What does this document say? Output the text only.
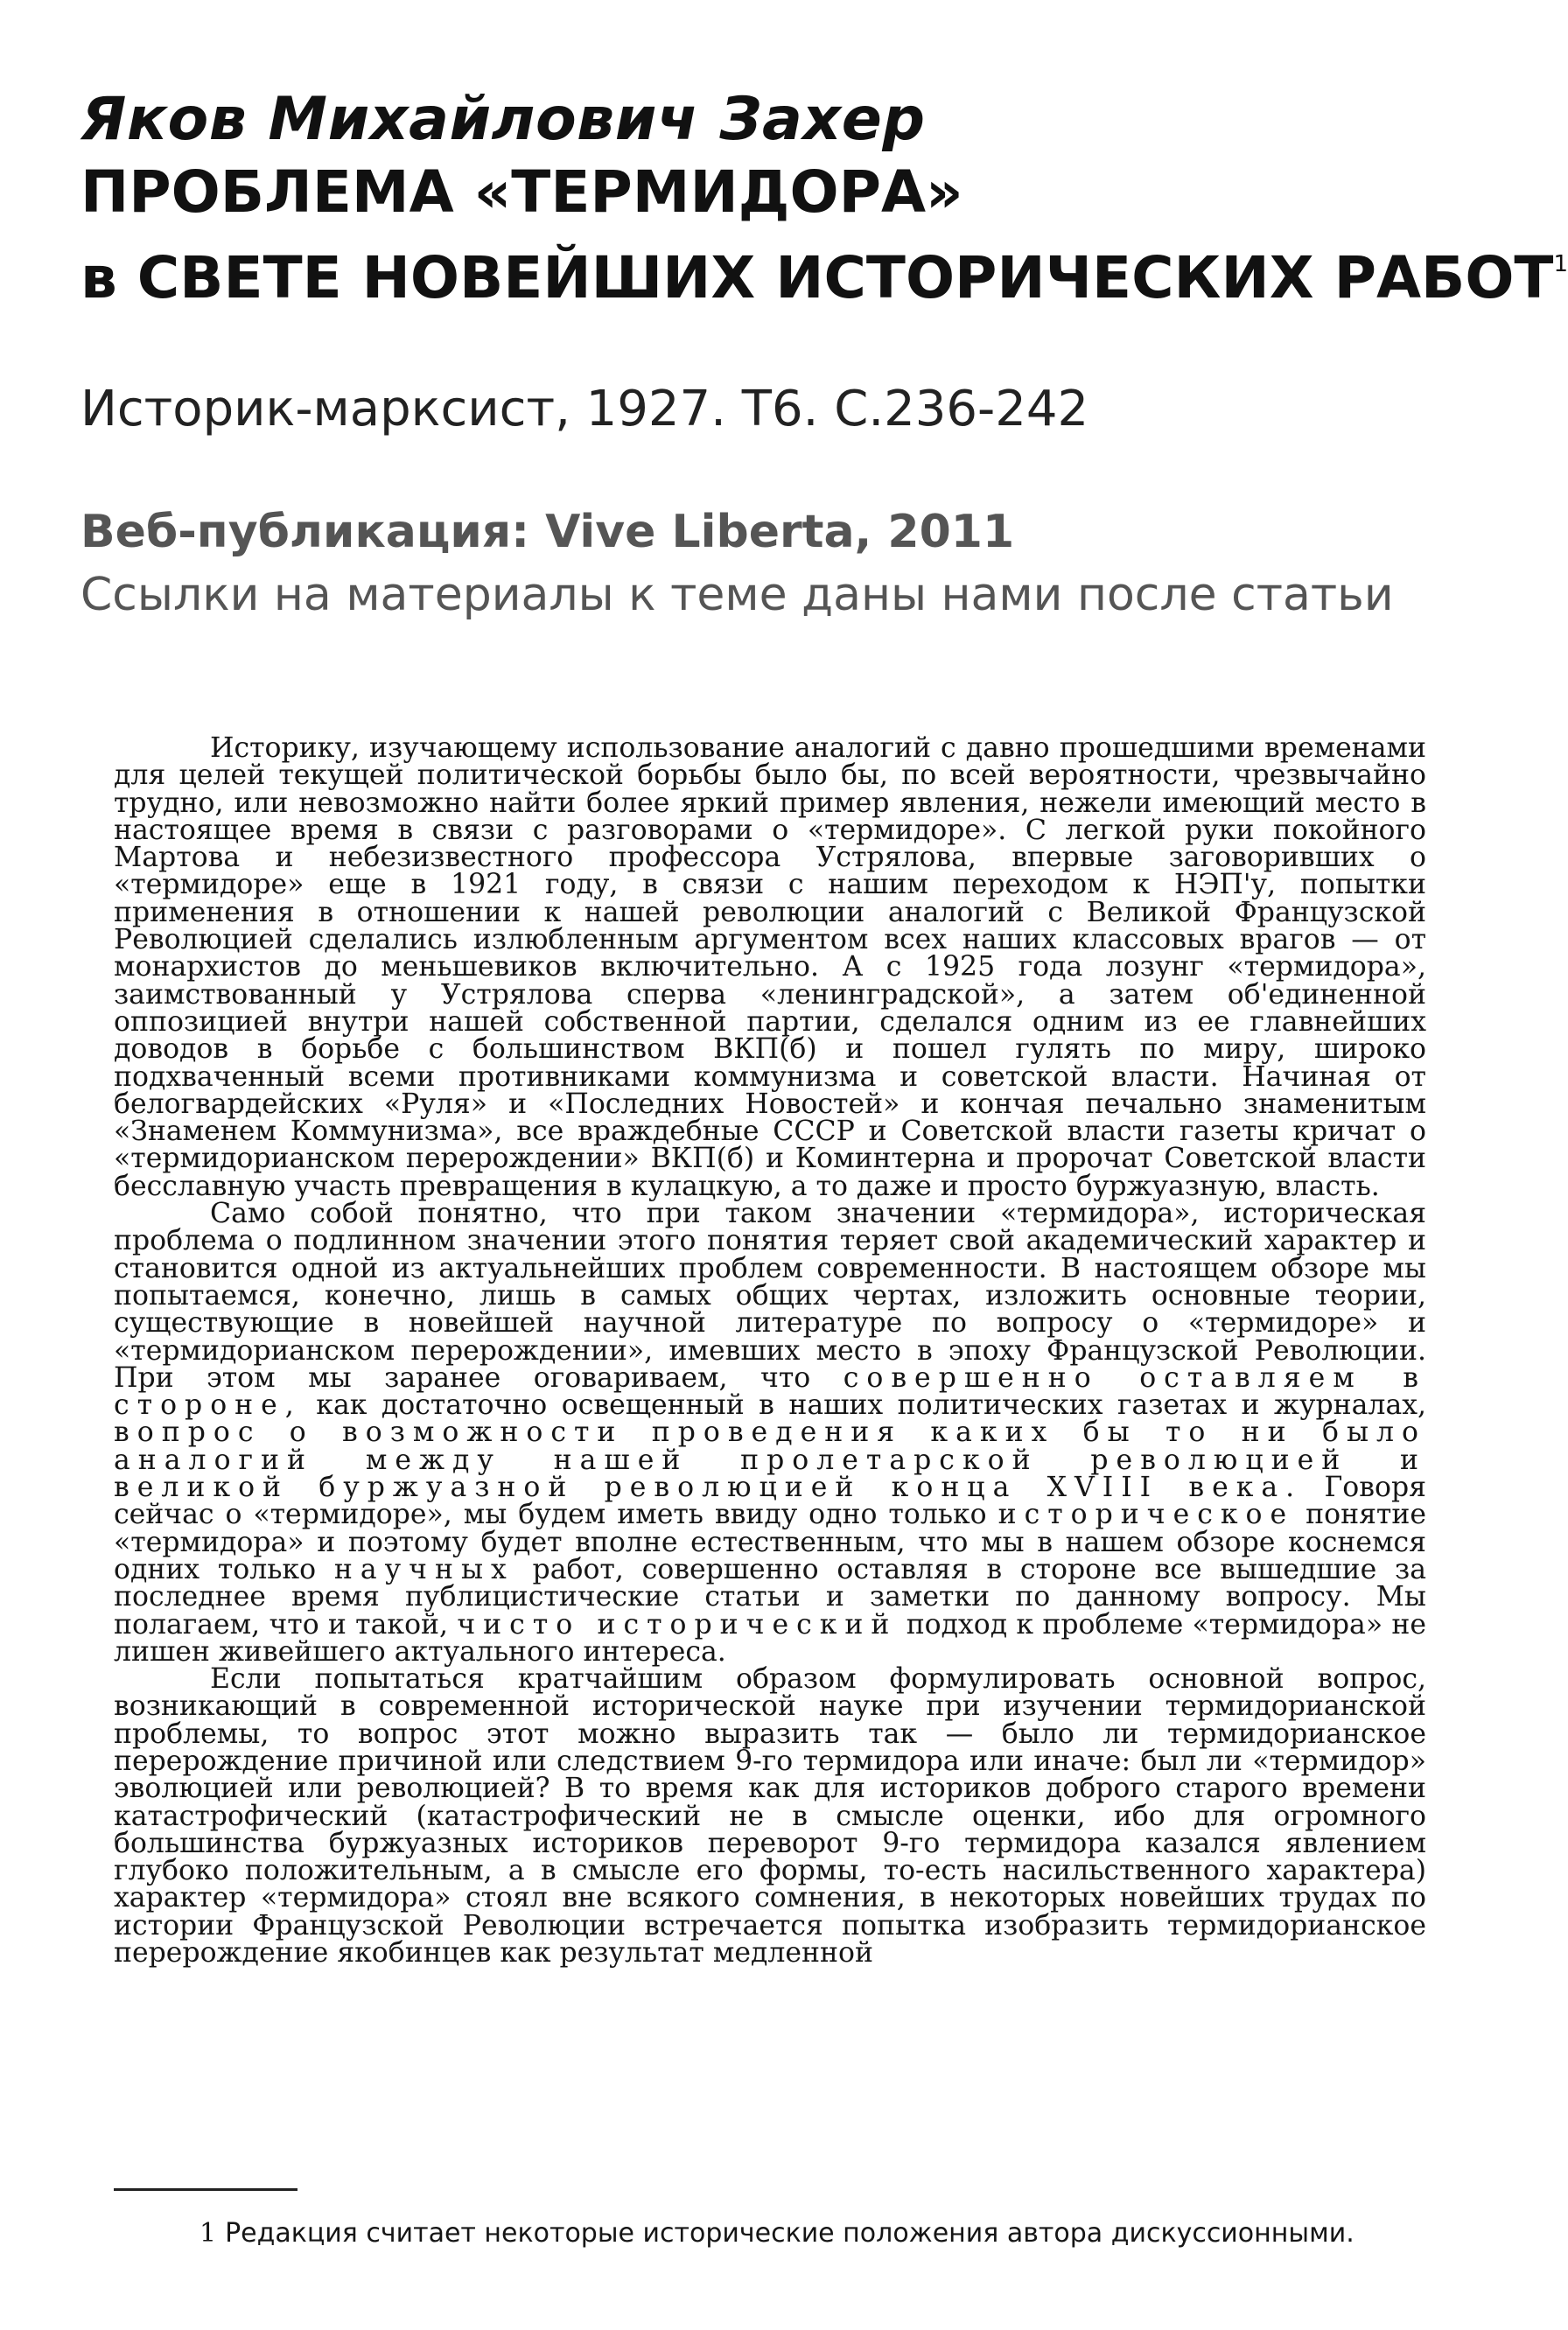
Яков Михайлович Захер

ПРОБЛЕМА «ТЕРМИДОРА»

в СВЕТЕ НОВЕЙШИХ ИСТОРИЧЕСКИХ РАБОТ$^1$

Историк-марксист, 1927. Т6. С.236-242

Веб-публикация: Vive Liberta, 2011

Ссылки на материалы к теме даны нами после статьи

Историку, изучающему использование аналогий с давно прошедшими временами для целей текущей политической борьбы было бы, по всей вероятности, чрезвычайно трудно, или невозможно найти более яркий пример явления, нежели имеющий место в настоящее время в связи с разговорами о «термидоре». С легкой руки покойного Мартова и небезизвестного профессора Устрялова, впервые заговоривших о «термидоре» еще в 1921 году, в связи с нашим переходом к НЭП'у, попытки применения в отношении к нашей революции аналогий с Великой Французской Революцией сделались излюбленным аргументом всех наших классовых врагов — от монархистов до меньшевиков включительно. А с 1925 года лозунг «термидора», заимствованный у Устрялова сперва «ленинградской», а затем об'единенной оппозицией внутри нашей собственной партии, сделался одним из ее главнейших доводов в борьбе с большинством ВКП(б) и пошел гулять по миру, широко подхваченный всеми противниками коммунизма и советской власти. Начиная от белогвардейских «Руля» и «Последних Новостей» и кончая печально знаменитым «Знаменем Коммунизма», все враждебные СССР и Советской власти газеты кричат о «термидорианском перерождении» ВКП(б) и Коминтерна и пророчат Советской власти бесславную участь превращения в кулацкую, а то даже и просто буржуазную, власть.

Само собой понятно, что при таком значении «термидора», историческая проблема о подлинном значении этого понятия теряет свой академический характер и становится одной из актуальнейших проблем современности. В настоящем обзоре мы попытаемся, конечно, лишь в самых общих чертах, изложить основные теории, существующие в новейшей научной литературе по вопросу о «термидоре» и «термидорианском перерождении», имевших место в эпоху Французской Революции. При этом мы заранее оговариваем, что совершенно оставляем в стороне, как достаточно освещенный в наших политических газетах и журналах, вопрос о возможности проведения каких бы то ни было аналогий между нашей пролетарской революцией и великой буржуазной революцией конца XVIII века. Говоря сейчас о «термидоре», мы будем иметь ввиду одно только историческое понятие «термидора» и поэтому будет вполне естественным, что мы в нашем обзоре коснемся одних только научных работ, совершенно оставляя в стороне все вышедшие за последнее время публицистические статьи и заметки по данному вопросу. Мы полагаем, что и такой, чисто исторический подход к проблеме «термидора» не лишен живейшего актуального интереса.

Если попытаться кратчайшим образом формулировать основной вопрос, возникающий в современной исторической науке при изучении термидорианской проблемы, то вопрос этот можно выразить так — было ли термидорианское перерождение причиной или следствием 9-го термидора или иначе: был ли «термидор» эволюцией или революцией? В то время как для историков доброго старого времени катастрофический (катастрофический не в смысле оценки, ибо для огромного большинства буржуазных историков переворот 9-го термидора казался явлением глубоко положительным, а в смысле его формы, то-есть насильственного характера) характер «термидора» стоял вне всякого сомнения, в некоторых новейших трудах по истории Французской Революции встречается попытка изобразить термидорианское перерождение якобинцев как результат медленной

1 Редакция считает некоторые исторические положения автора дискуссионными.
